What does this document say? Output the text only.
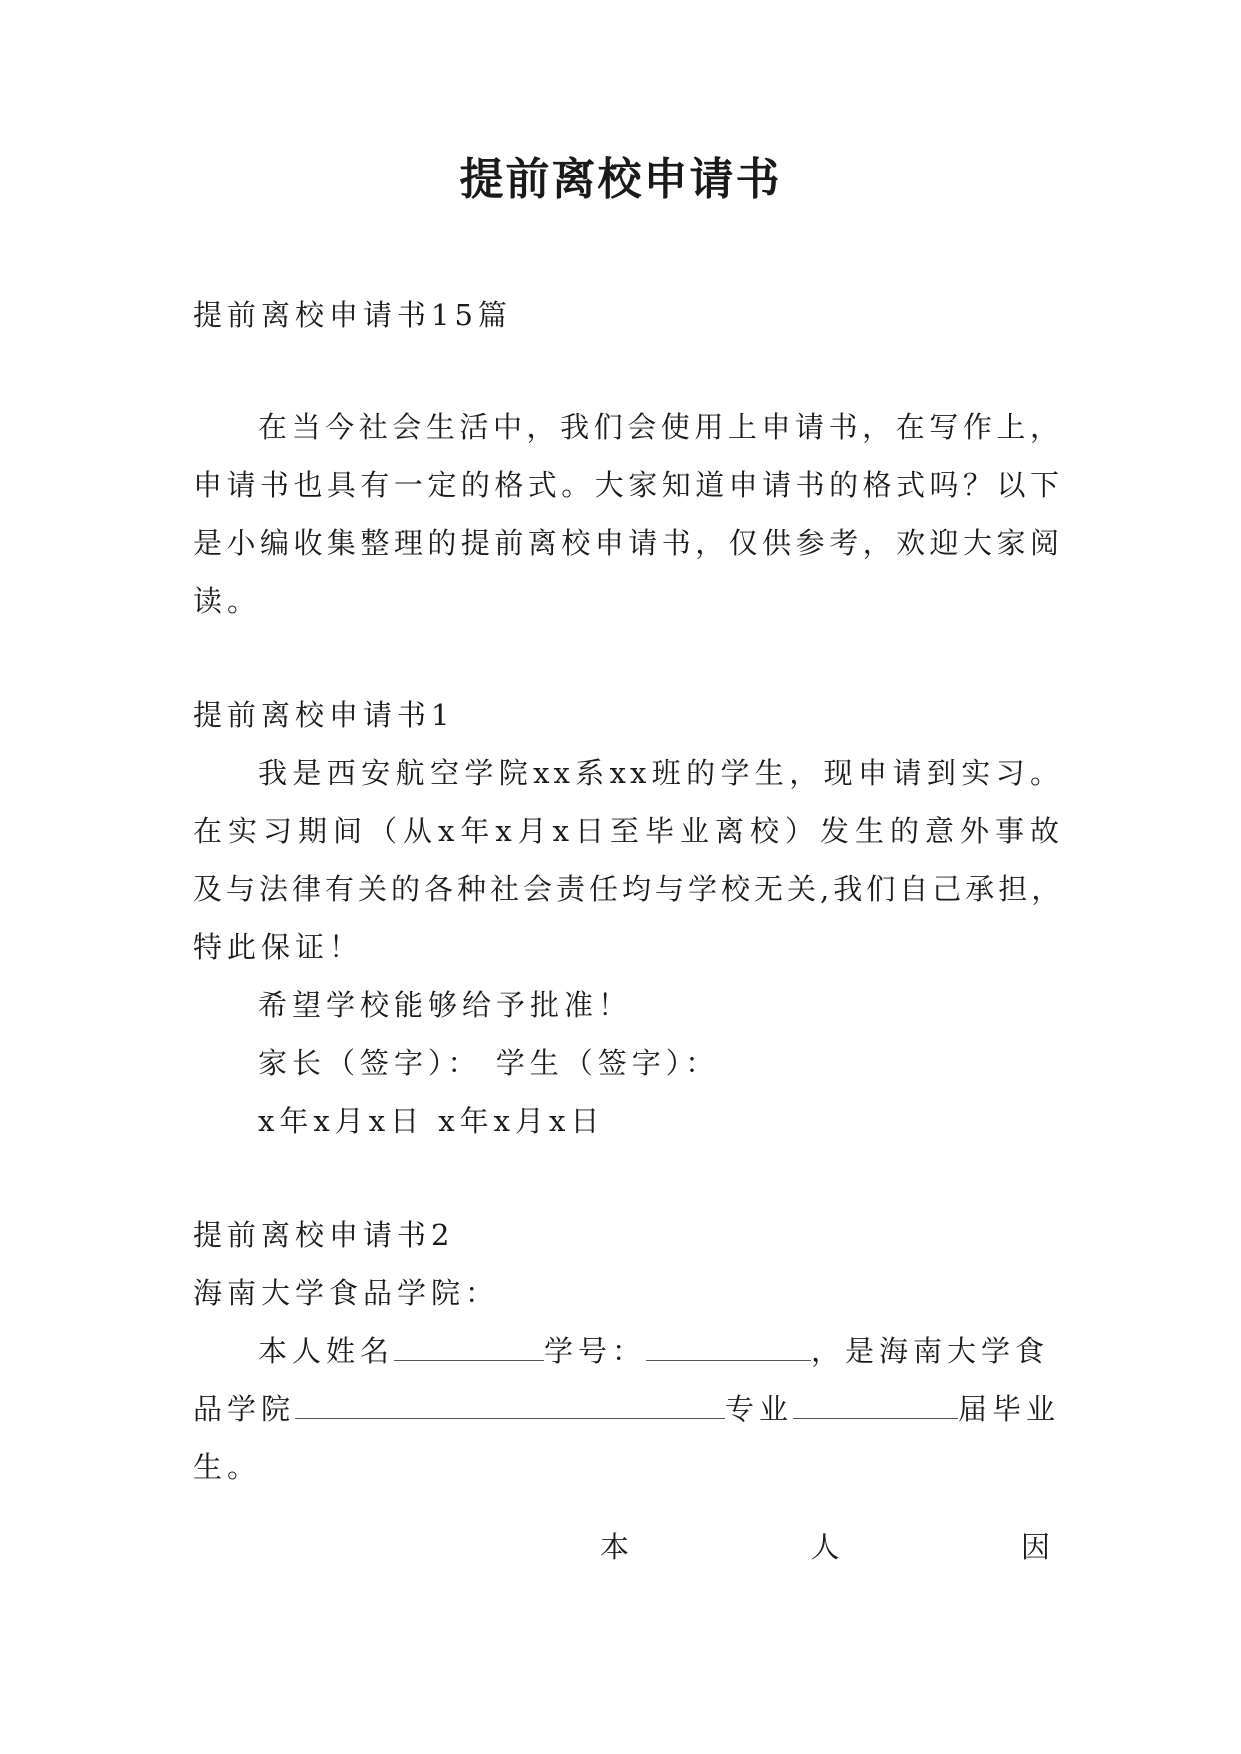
提前离校申请书
提前离校申请书15篇
在当今社会生活中，我们会使用上申请书，在写作上，
申请书也具有一定的格式。大家知道申请书的格式吗？以下
是小编收集整理的提前离校申请书，仅供参考，欢迎大家阅
读。
提前离校申请书1
我是西安航空学院xx系xx班的学生，现申请到实习。
在实习期间（从x年x月x日至毕业离校）发生的意外事故
及与法律有关的各种社会责任均与学校无关,我们自己承担，
特此保证！
希望学校能够给予批准！
家长（签字）： 学生（签字）：
x年x月x日 x年x月x日
提前离校申请书2
海南大学食品学院：
本人姓名	学号：	，是海南大学食
品学院	专业	届毕业
生。
本	人	因
